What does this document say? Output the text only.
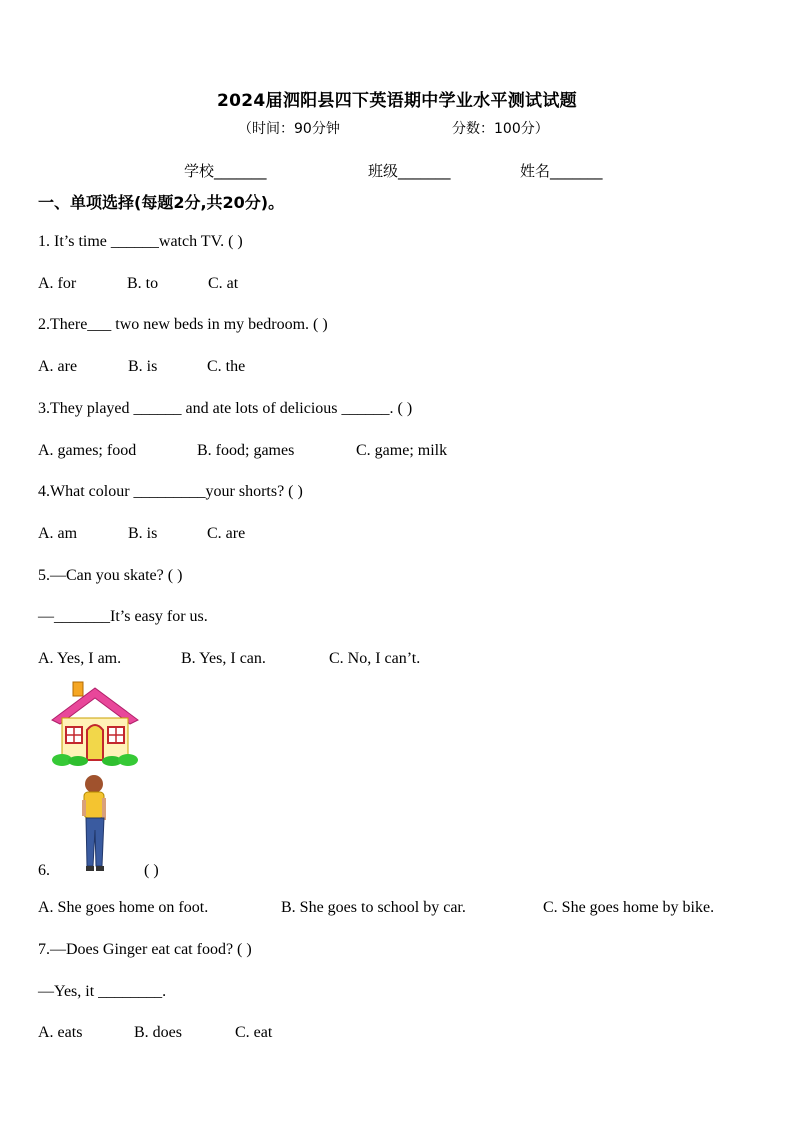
2024届泗阳县四下英语期中学业水平测试试题
（时间：90分钟	分数：100分）
学校_______	班级_______	姓名_______
一、单项选择(每题2分,共20分)。
1. It’s time ______watch TV. ( )
A. for	B. to	C. at
2.There___ two new beds in my bedroom. ( )
A. are	B. is	C. the
3.They played ______ and ate lots of delicious ______. ( )
A. games; food	B. food; games	C. game; milk
4.What colour _________your shorts? ( )
A. am	B. is	C. are
5.—Can you skate? ( )
—_______It’s easy for us.
A. Yes, I am.	B. Yes, I can.	C. No, I can’t.
6.	( )
A. She goes home on foot.	B. She goes to school by car.	C. She goes home by bike.
7.—Does Ginger eat cat food? ( )
—Yes, it ________.
A. eats	B. does	C. eat
